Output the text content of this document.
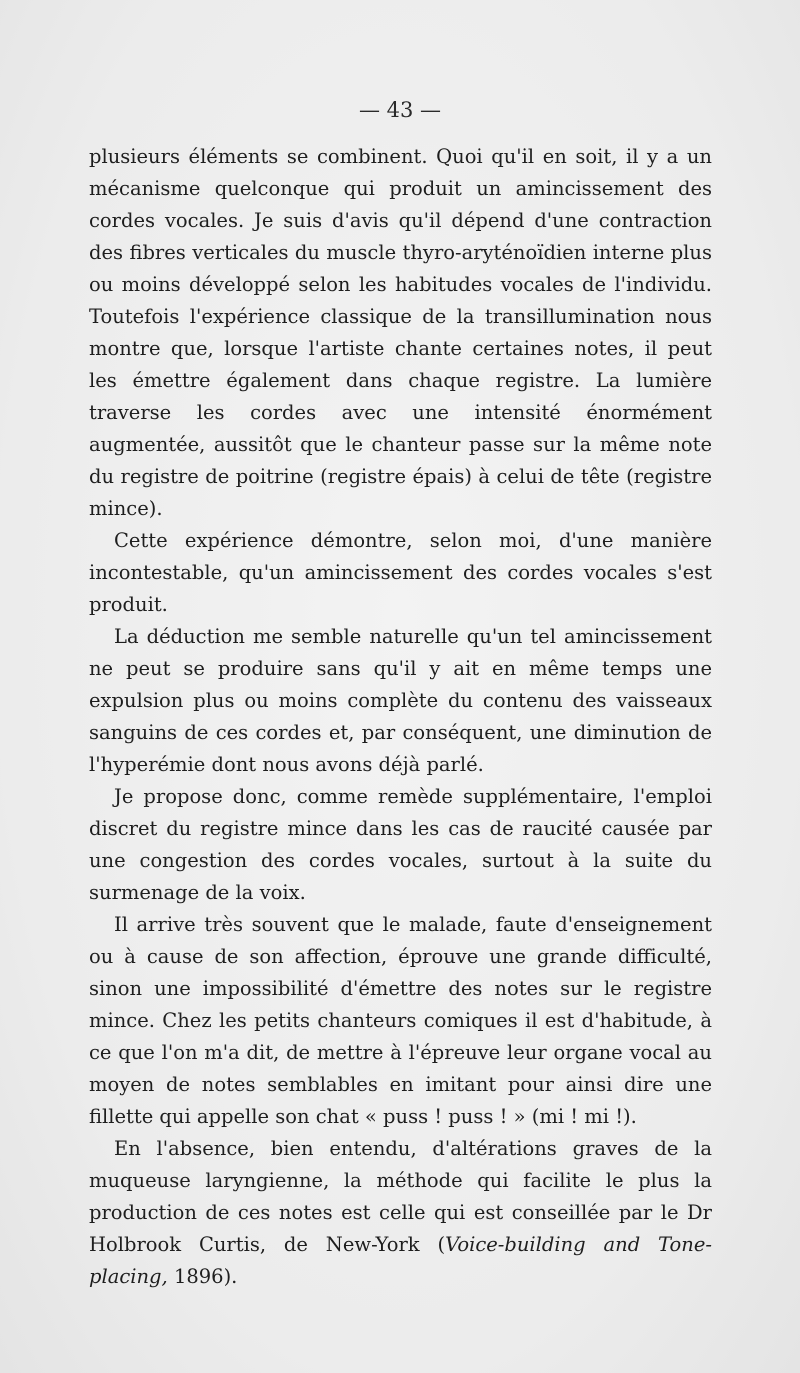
— 43 —

plusieurs éléments se combinent. Quoi qu'il en soit, il y a un mécanisme quelconque qui produit un amincissement des cordes vocales. Je suis d'avis qu'il dépend d'une contraction des fibres verticales du muscle thyro-aryténoïdien interne plus ou moins développé selon les habitudes vocales de l'individu. Toutefois l'expérience classique de la transillumination nous montre que, lorsque l'artiste chante certaines notes, il peut les émettre également dans chaque registre. La lumière traverse les cordes avec une intensité énormément augmentée, aussitôt que le chanteur passe sur la même note du registre de poitrine (registre épais) à celui de tête (registre mince).

Cette expérience démontre, selon moi, d'une manière incontestable, qu'un amincissement des cordes vocales s'est produit.

La déduction me semble naturelle qu'un tel amincissement ne peut se produire sans qu'il y ait en même temps une expulsion plus ou moins complète du contenu des vaisseaux sanguins de ces cordes et, par conséquent, une diminution de l'hyperémie dont nous avons déjà parlé.

Je propose donc, comme remède supplémentaire, l'emploi discret du registre mince dans les cas de raucité causée par une congestion des cordes vocales, surtout à la suite du surmenage de la voix.

Il arrive très souvent que le malade, faute d'enseignement ou à cause de son affection, éprouve une grande difficulté, sinon une impossibilité d'émettre des notes sur le registre mince. Chez les petits chanteurs comiques il est d'habitude, à ce que l'on m'a dit, de mettre à l'épreuve leur organe vocal au moyen de notes semblables en imitant pour ainsi dire une fillette qui appelle son chat « puss ! puss ! » (mi ! mi !).

En l'absence, bien entendu, d'altérations graves de la muqueuse laryngienne, la méthode qui facilite le plus la production de ces notes est celle qui est conseillée par le Dr Holbrook Curtis, de New-York (Voice-building and Tone-placing, 1896).
